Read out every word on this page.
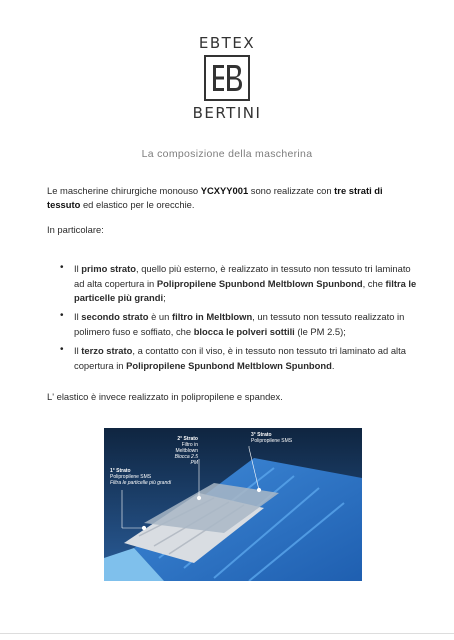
EBTEX
BERTINI
La composizione della mascherina
Le mascherine chirurgiche monouso YCXYY001 sono realizzate con tre strati di tessuto ed elastico per le orecchie.
In particolare:
• Il primo strato, quello più esterno, è realizzato in tessuto non tessuto tri laminato ad alta copertura in Polipropilene Spunbond Meltblown Spunbond, che filtra le particelle più grandi;
• Il secondo strato è un filtro in Meltblown, un tessuto non tessuto realizzato in polimero fuso e soffiato, che blocca le polveri sottili (le PM 2.5);
• Il terzo strato, a contatto con il viso, è in tessuto non tessuto tri laminato ad alta copertura in Polipropilene Spunbond Meltblown Spunbond.
L' elastico è invece realizzato in polipropilene e spandex.
2° Strato
Filtro in Meltblown
Blocca 2.5 PM
3° Strato
Polipropilene SMS
1° Strato
Polipropilene SMS
Filtra le particelle più grandi
